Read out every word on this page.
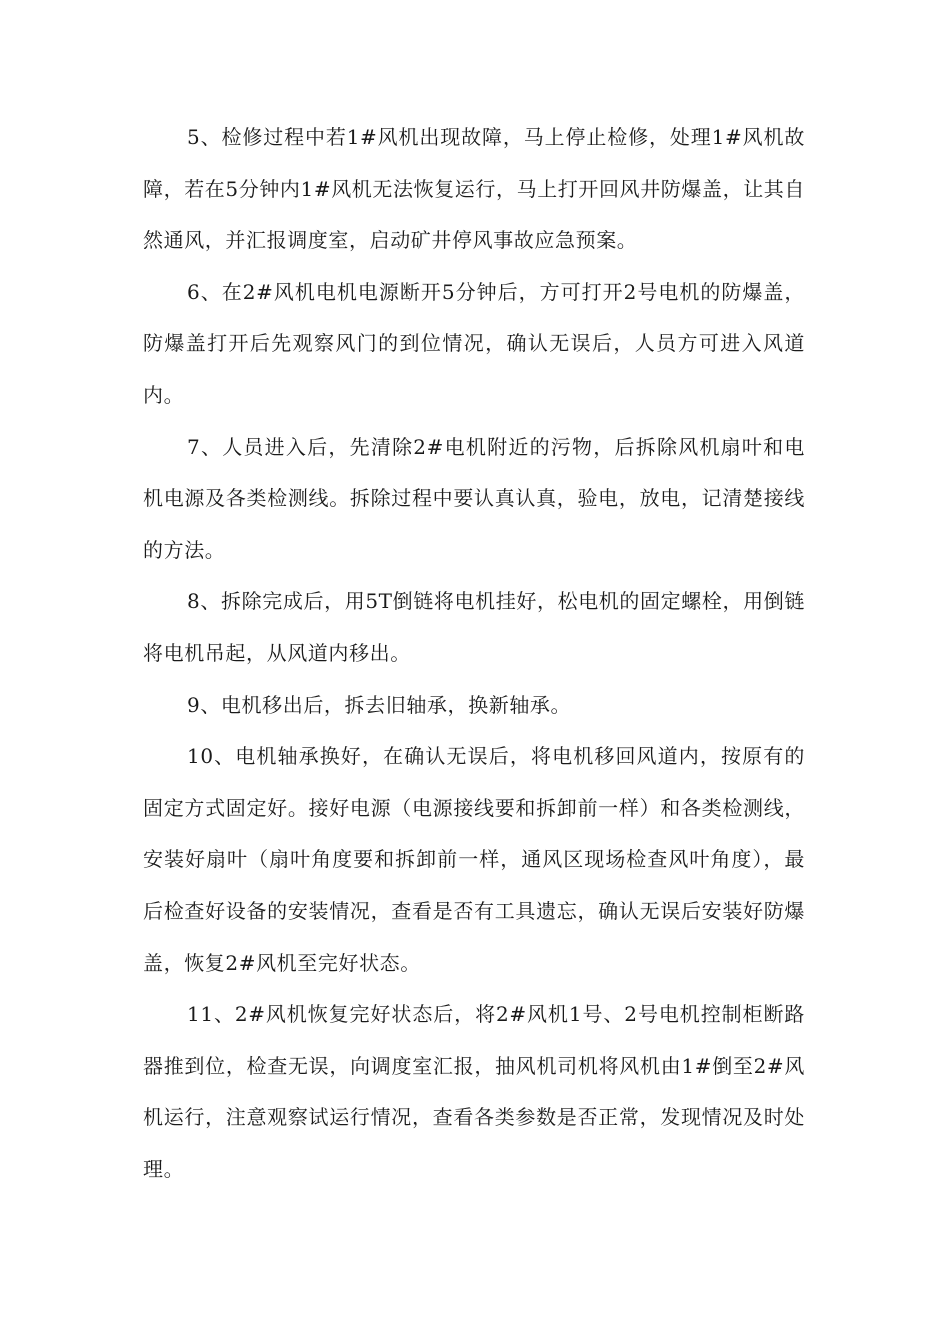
5、检修过程中若1#风机出现故障，马上停止检修，处理1#风机故障，若在5分钟内1#风机无法恢复运行，马上打开回风井防爆盖，让其自然通风，并汇报调度室，启动矿井停风事故应急预案。

6、在2#风机电机电源断开5分钟后，方可打开2号电机的防爆盖，防爆盖打开后先观察风门的到位情况，确认无误后，人员方可进入风道内。

7、人员进入后，先清除2#电机附近的污物，后拆除风机扇叶和电机电源及各类检测线。拆除过程中要认真认真，验电，放电，记清楚接线的方法。

8、拆除完成后，用5T倒链将电机挂好，松电机的固定螺栓，用倒链将电机吊起，从风道内移出。

9、电机移出后，拆去旧轴承，换新轴承。

10、电机轴承换好，在确认无误后，将电机移回风道内，按原有的固定方式固定好。接好电源（电源接线要和拆卸前一样）和各类检测线，安装好扇叶（扇叶角度要和拆卸前一样，通风区现场检查风叶角度），最后检查好设备的安装情况，查看是否有工具遗忘，确认无误后安装好防爆盖，恢复2#风机至完好状态。

11、2#风机恢复完好状态后，将2#风机1号、2号电机控制柜断路器推到位，检查无误，向调度室汇报，抽风机司机将风机由1#倒至2#风机运行，注意观察试运行情况，查看各类参数是否正常，发现情况及时处理。
